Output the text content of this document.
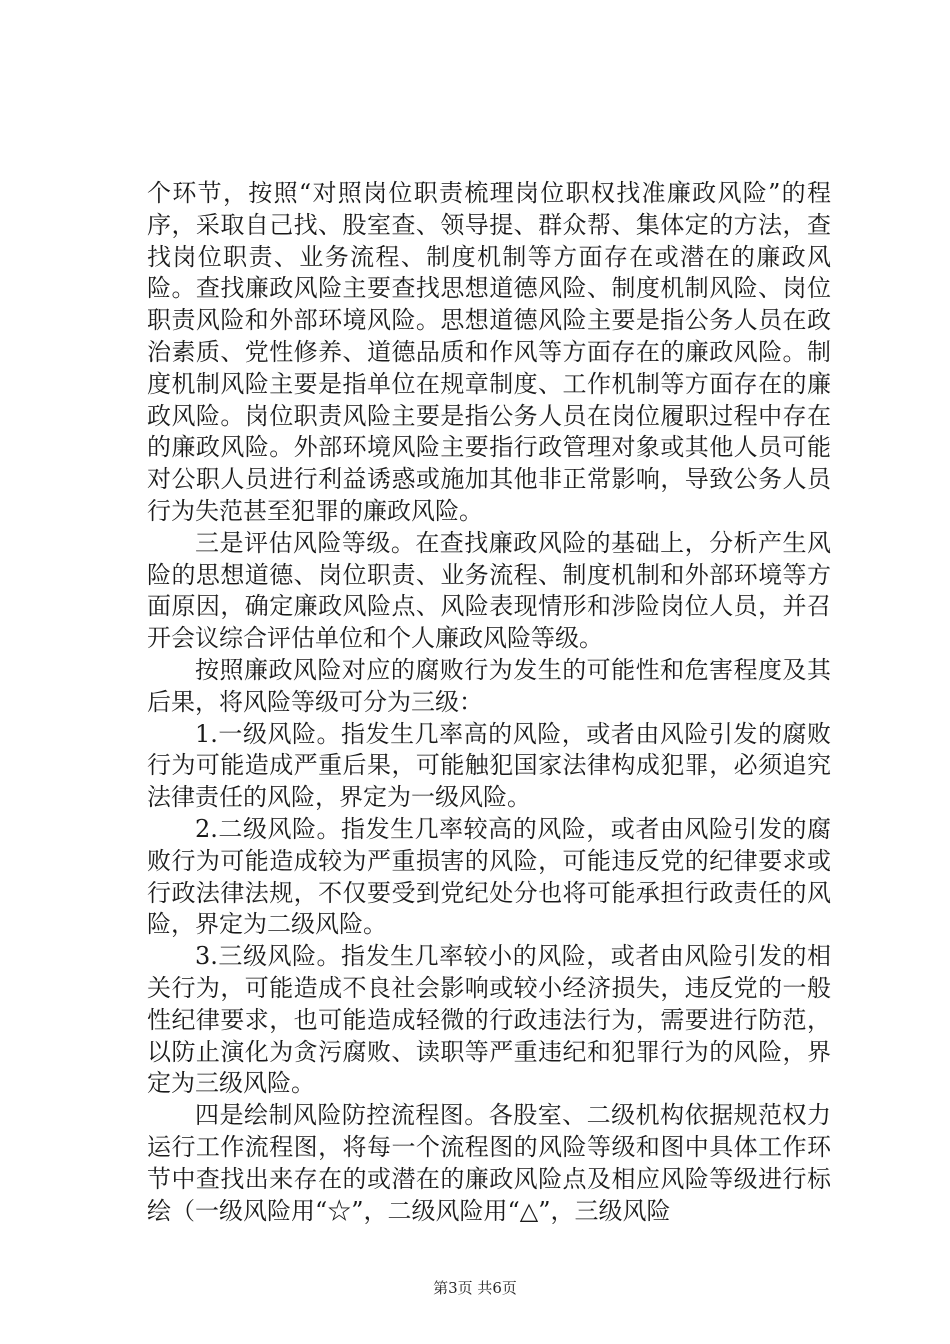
个环节，按照“对照岗位职责梳理岗位职权找准廉政风险”的程序，采取自己找、股室查、领导提、群众帮、集体定的方法，查找岗位职责、业务流程、制度机制等方面存在或潜在的廉政风险。查找廉政风险主要查找思想道德风险、制度机制风险、岗位职责风险和外部环境风险。思想道德风险主要是指公务人员在政治素质、党性修养、道德品质和作风等方面存在的廉政风险。制度机制风险主要是指单位在规章制度、工作机制等方面存在的廉政风险。岗位职责风险主要是指公务人员在岗位履职过程中存在的廉政风险。外部环境风险主要指行政管理对象或其他人员可能对公职人员进行利益诱惑或施加其他非正常影响，导致公务人员行为失范甚至犯罪的廉政风险。

三是评估风险等级。在查找廉政风险的基础上，分析产生风险的思想道德、岗位职责、业务流程、制度机制和外部环境等方面原因，确定廉政风险点、风险表现情形和涉险岗位人员，并召开会议综合评估单位和个人廉政风险等级。

按照廉政风险对应的腐败行为发生的可能性和危害程度及其后果，将风险等级可分为三级：

1.一级风险。指发生几率高的风险，或者由风险引发的腐败行为可能造成严重后果，可能触犯国家法律构成犯罪，必须追究法律责任的风险，界定为一级风险。

2.二级风险。指发生几率较高的风险，或者由风险引发的腐败行为可能造成较为严重损害的风险，可能违反党的纪律要求或行政法律法规，不仅要受到党纪处分也将可能承担行政责任的风险，界定为二级风险。

3.三级风险。指发生几率较小的风险，或者由风险引发的相关行为，可能造成不良社会影响或较小经济损失，违反党的一般性纪律要求，也可能造成轻微的行政违法行为，需要进行防范，以防止演化为贪污腐败、读职等严重违纪和犯罪行为的风险，界定为三级风险。

四是绘制风险防控流程图。各股室、二级机构依据规范权力运行工作流程图，将每一个流程图的风险等级和图中具体工作环节中查找出来存在的或潜在的廉政风险点及相应风险等级进行标绘（一级风险用“☆”，二级风险用“△”，三级风险

第3页 共6页
